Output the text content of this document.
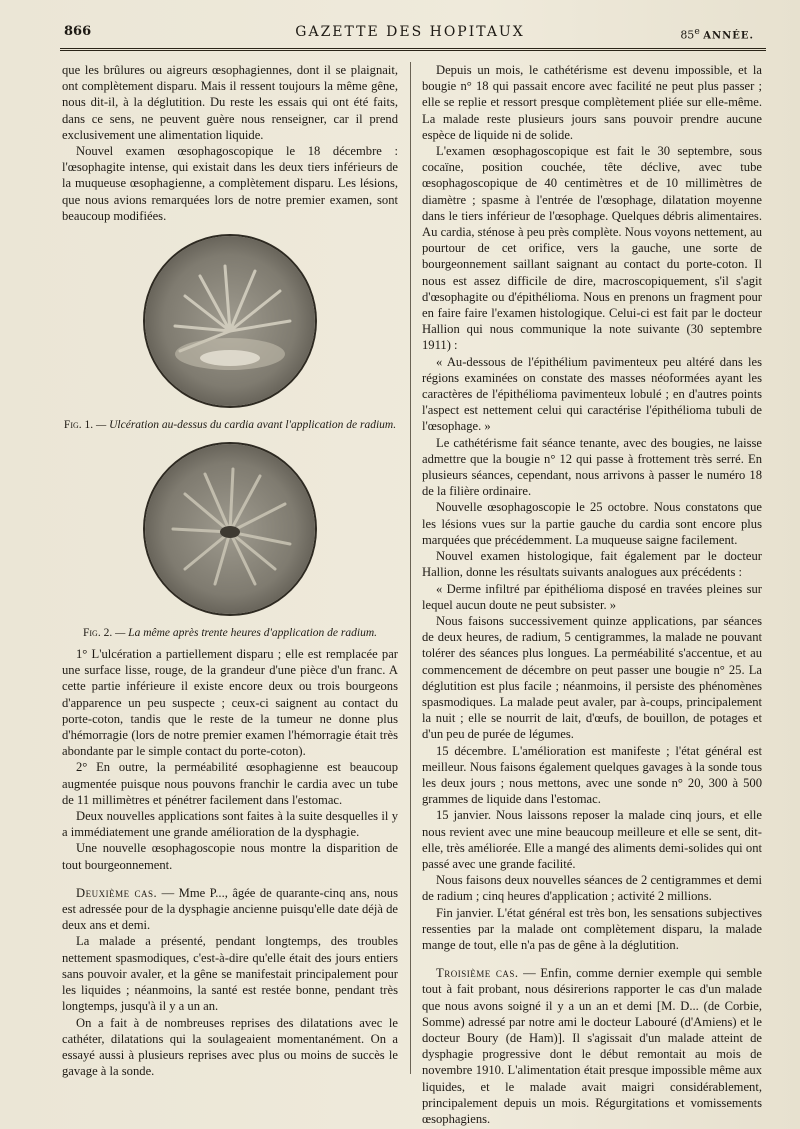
866	GAZETTE DES HOPITAUX	85e ANNÉE.

que les brûlures ou aigreurs œsophagiennes, dont il se plaignait, ont complètement disparu. Mais il ressent toujours la même gêne, nous dit-il, à la déglutition. Du reste les essais qui ont été faits, dans ce sens, ne peuvent guère nous renseigner, car il prend exclusivement une alimentation liquide.

Nouvel examen œsophagoscopique le 18 décembre : l'œsophagite intense, qui existait dans les deux tiers inférieurs de la muqueuse œsophagienne, a complètement disparu. Les lésions, que nous avions remarquées lors de notre premier examen, sont beaucoup modifiées.

Fig. 1. — Ulcération au-dessus du cardia avant l'application de radium.
Fig. 2. — La même après trente heures d'application de radium.

1° L'ulcération a partiellement disparu ; elle est remplacée par une surface lisse, rouge, de la grandeur d'une pièce d'un franc. A cette partie inférieure il existe encore deux ou trois bourgeons d'apparence un peu suspecte ; ceux-ci saignent au contact du porte-coton, tandis que le reste de la tumeur ne donne plus d'hémorragie (lors de notre premier examen l'hémorragie était très abondante par le simple contact du porte-coton).

2° En outre, la perméabilité œsophagienne est beaucoup augmentée puisque nous pouvons franchir le cardia avec un tube de 11 millimètres et pénétrer facilement dans l'estomac.

Deux nouvelles applications sont faites à la suite desquelles il y a immédiatement une grande amélioration de la dysphagie.

Une nouvelle œsophagoscopie nous montre la disparition de tout bourgeonnement.

Deuxième cas. — Mme P..., âgée de quarante-cinq ans, nous est adressée pour de la dysphagie ancienne puisqu'elle date déjà de deux ans et demi.

La malade a présenté, pendant longtemps, des troubles nettement spasmodiques, c'est-à-dire qu'elle était des jours entiers sans pouvoir avaler, et la gêne se manifestait principalement pour les liquides ; néanmoins, la santé est restée bonne, pendant très longtemps, jusqu'à il y a un an.

On a fait à de nombreuses reprises des dilatations avec le cathéter, dilatations qui la soulageaient momentanément. On a essayé aussi à plusieurs reprises avec plus ou moins de succès le gavage à la sonde.

Depuis un mois, le cathétérisme est devenu impossible, et la bougie n° 18 qui passait encore avec facilité ne peut plus passer ; elle se replie et ressort presque complètement pliée sur elle-même. La malade reste plusieurs jours sans pouvoir prendre aucune espèce de liquide ni de solide.

L'examen œsophagoscopique est fait le 30 septembre, sous cocaïne, position couchée, tête déclive, avec tube œsophagoscopique de 40 centimètres et de 10 millimètres de diamètre ; spasme à l'entrée de l'œsophage, dilatation moyenne dans le tiers inférieur de l'œsophage. Quelques débris alimentaires. Au cardia, sténose à peu près complète. Nous voyons nettement, au pourtour de cet orifice, vers la gauche, une sorte de bourgeonnement saillant saignant au contact du porte-coton. Il nous est assez difficile de dire, macroscopiquement, s'il s'agit d'œsophagite ou d'épithélioma. Nous en prenons un fragment pour en faire faire l'examen histologique. Celui-ci est fait par le docteur Hallion qui nous communique la note suivante (30 septembre 1911) :

« Au-dessous de l'épithélium pavimenteux peu altéré dans les régions examinées on constate des masses néoformées ayant les caractères de l'épithélioma pavimenteux lobulé ; en d'autres points l'aspect est nettement celui qui caractérise l'épithélioma tubuli de l'œsophage. »

Le cathétérisme fait séance tenante, avec des bougies, ne laisse admettre que la bougie n° 12 qui passe à frottement très serré. En plusieurs séances, cependant, nous arrivons à passer le numéro 18 de la filière ordinaire.

Nouvelle œsophagoscopie le 25 octobre. Nous constatons que les lésions vues sur la partie gauche du cardia sont encore plus marquées que précédemment. La muqueuse saigne facilement.

Nouvel examen histologique, fait également par le docteur Hallion, donne les résultats suivants analogues aux précédents :

« Derme infiltré par épithélioma disposé en travées pleines sur lequel aucun doute ne peut subsister. »

Nous faisons successivement quinze applications, par séances de deux heures, de radium, 5 centigrammes, la malade ne pouvant tolérer des séances plus longues. La perméabilité s'accentue, et au commencement de décembre on peut passer une bougie n° 25. La déglutition est plus facile ; néanmoins, il persiste des phénomènes spasmodiques. La malade peut avaler, par à-coups, principalement la nuit ; elle se nourrit de lait, d'œufs, de bouillon, de potages et d'un peu de purée de légumes.

15 décembre. L'amélioration est manifeste ; l'état général est meilleur. Nous faisons également quelques gavages à la sonde tous les deux jours ; nous mettons, avec une sonde n° 20, 300 à 500 grammes de liquide dans l'estomac.

15 janvier. Nous laissons reposer la malade cinq jours, et elle nous revient avec une mine beaucoup meilleure et elle se sent, dit-elle, très améliorée. Elle a mangé des aliments demi-solides qui ont passé avec une grande facilité.

Nous faisons deux nouvelles séances de 2 centigrammes et demi de radium ; cinq heures d'application ; activité 2 millions.

Fin janvier. L'état général est très bon, les sensations subjectives ressenties par la malade ont complètement disparu, la malade mange de tout, elle n'a pas de gêne à la déglutition.

Troisième cas. — Enfin, comme dernier exemple qui semble tout à fait probant, nous désirerions rapporter le cas d'un malade que nous avons soigné il y a un an et demi [M. D... (de Corbie, Somme) adressé par notre ami le docteur Labouré (d'Amiens) et le docteur Boury (de Ham)]. Il s'agissait d'un malade atteint de dysphagie progressive dont le début remontait au mois de novembre 1910. L'alimentation était presque impossible même aux liquides, et le malade avait maigri considérablement, principalement depuis un mois. Régurgitations et vomissements œsophagiens.
